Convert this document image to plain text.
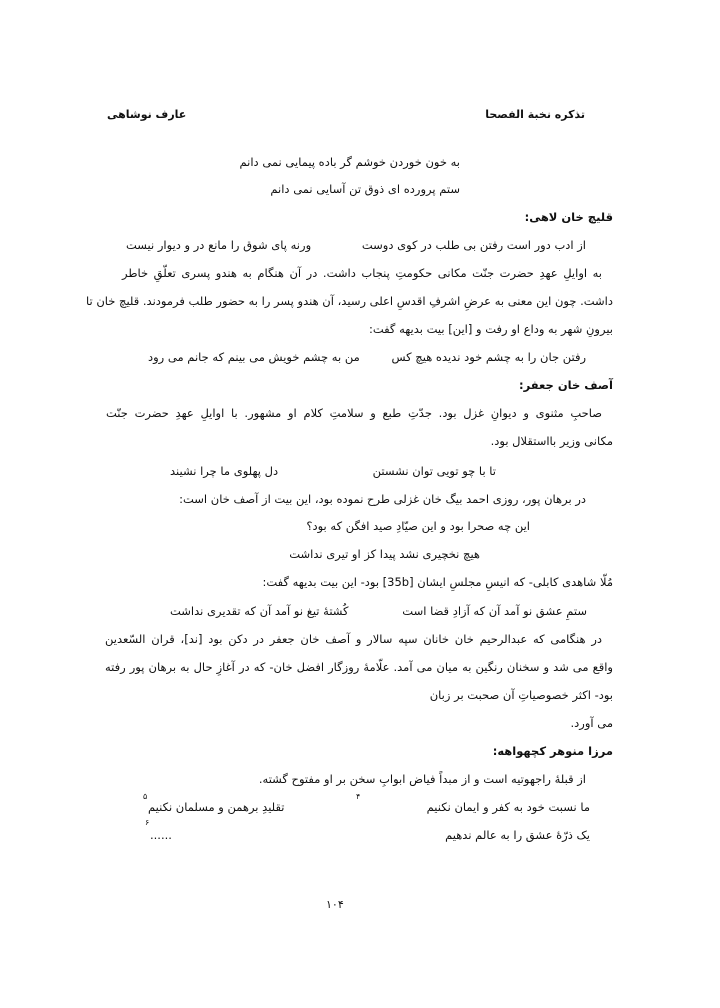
تذکره‌ نخبة‌ الفصحا
عارف نوشاهی
به خون خوردن خوشم گر باده پیمایی نمی دانم
ستم پرورده ای ذوق تن آسایی نمی دانم
قلیچ خان لاهی:
از ادب دور است رفتن بی طلب در کوی دوست
ورنه پای شوق را مانع در و دیوار نیست
به اوایلِ عهدِ حضرت جنّت مکانی حکومتِ پنجاب داشت. در آن هنگام به هندو پسری تعلّقِ خاطر
داشت. چون این معنی به عرضِ اشرفِ اقدسِ اعلی رسید، آن هندو پسر را به حضور طلب فرمودند. قلیچ خان تا
بیرونِ شهر به وداع او رفت و [این] بیت بدیهه گفت:
رفتن جان را به چشم خود ندیده هیچ کس
من به چشم خویش می بینم که جانم می رود
آصف خان جعفر:
صاحبِ مثنوی و دیوانِ غزل بود. جدّتِ طبع و سلامتِ کلام او مشهور. با اوایلِ عهدِ حضرت جنّت
مکانی وزیر بااستقلال بود.
تا با چو تویی توان نشستن
دل پهلوی ما چرا نشیند
در برهان پور، روزی احمد بیگ خان غزلی طرح نموده بود، این بیت از آصف خان است:
این چه صحرا بود و این صیّادِ صید افگن که بود؟
هیچ نخچیری نشد پیدا کز او تیری نداشت
مُلّا شاهدی کابلی- که انیسِ مجلسِ ایشان [35b] بود- این بیت بدیهه گفت:
ستمِ عشق نو آمد آن که آزادِ قضا است
کُشتهٔ تیغ نو آمد آن که تقدیری نداشت
در هنگامی که عبدالرحیم خان خانان سپه سالار و آصف خان جعفر در دکن بود [ند]، قران السّعدین
واقع می شد و سخنان رنگین به میان می آمد. علّامهٔ روزگار افضل خان- که در آغازِ حال به برهان پور رفته
بود- اکثر خصوصیاتِ آن صحبت بر زبان
می آورد.
مرزا منوهر کچهواهه:
از قبلهٔ راجهوتیه است و از مبداً فیاض ابوابِ سخن بر او مفتوح گشته.
ما نسبت خود به کفر و ایمان نکنیم
۴
تقلیدِ برهمن و مسلمان نکنیم
۵
یک ذرّهٔ عشق را به عالم ندهیم
......
۶
۱۰۴
